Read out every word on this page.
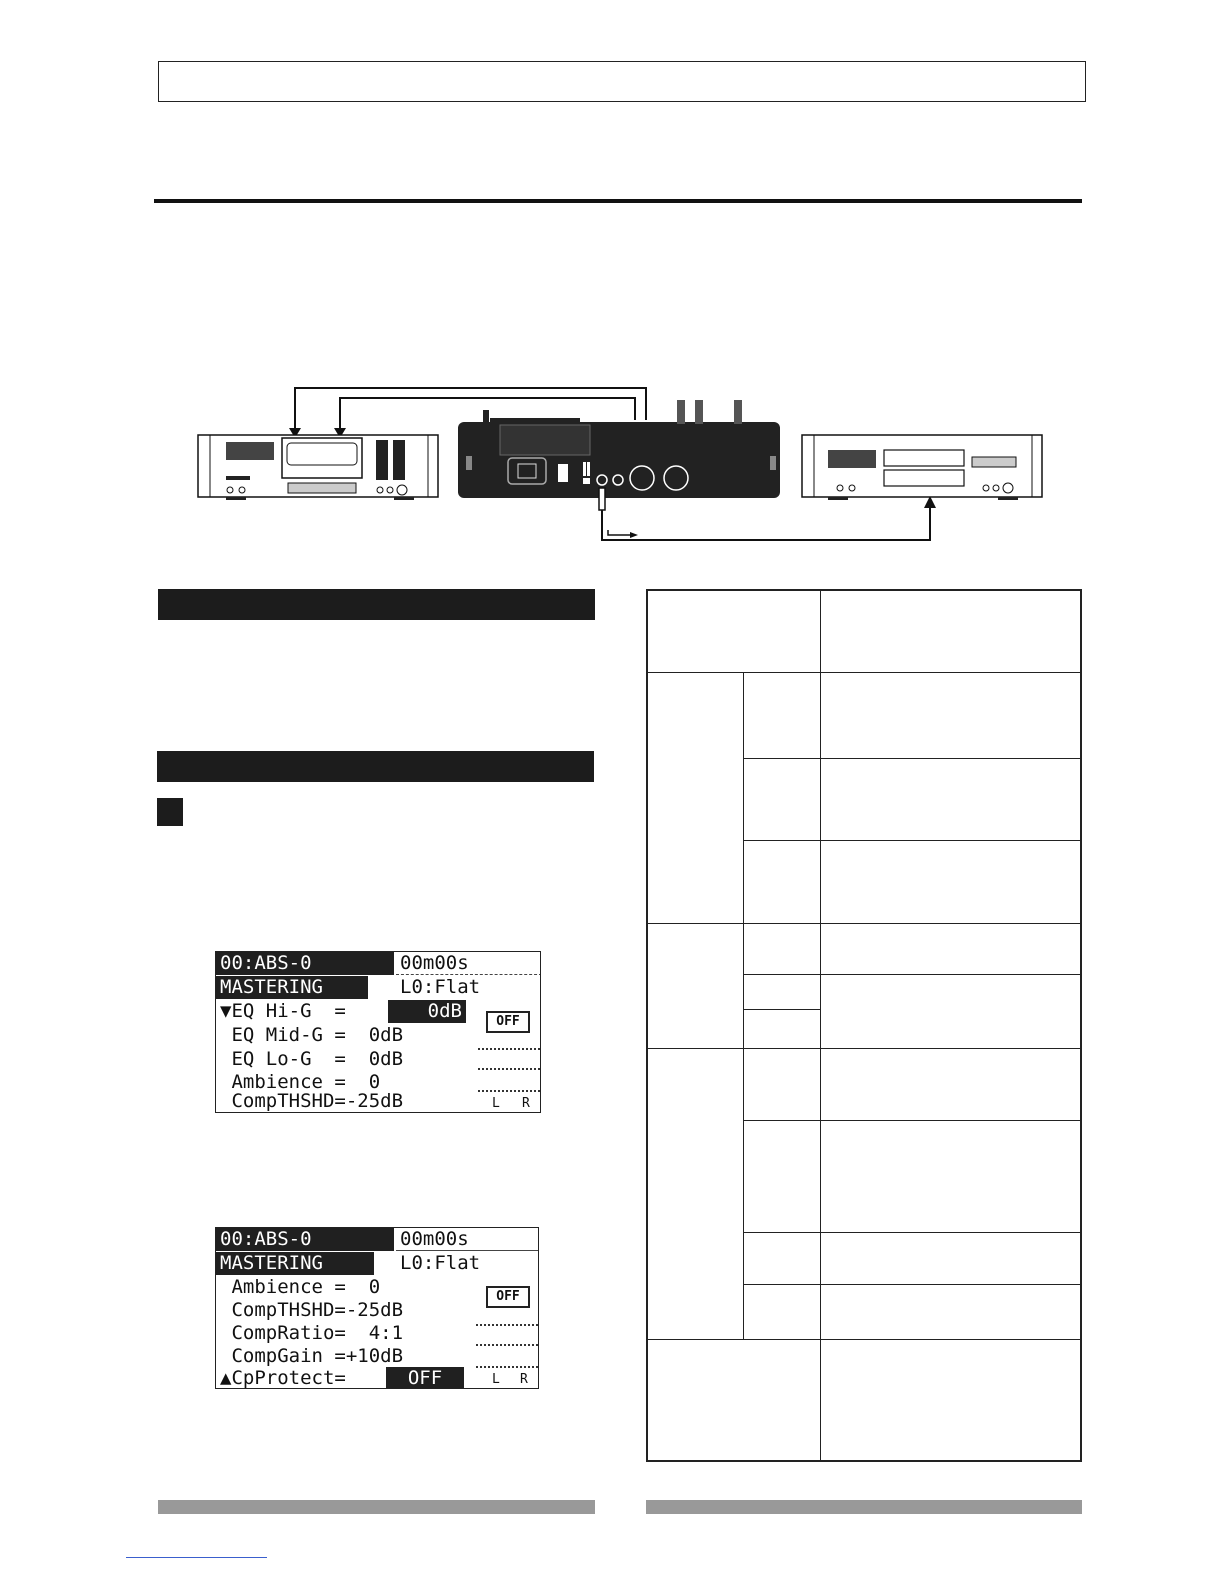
00:ABS-0	00m00s
MASTERING	L0:Flat
▼EQ Hi-G  =	0dB
EQ Mid-G =  0dB
EQ Lo-G  =  0dB
Ambience =  0
CompTHSHD=-25dB
OFF
L R
00:ABS-0	00m00s
MASTERING	L0:Flat
Ambience =  0
CompTHSHD=-25dB
CompRatio=  4:1
CompGain =+10dB
▲CpProtect=	OFF
OFF
L R
